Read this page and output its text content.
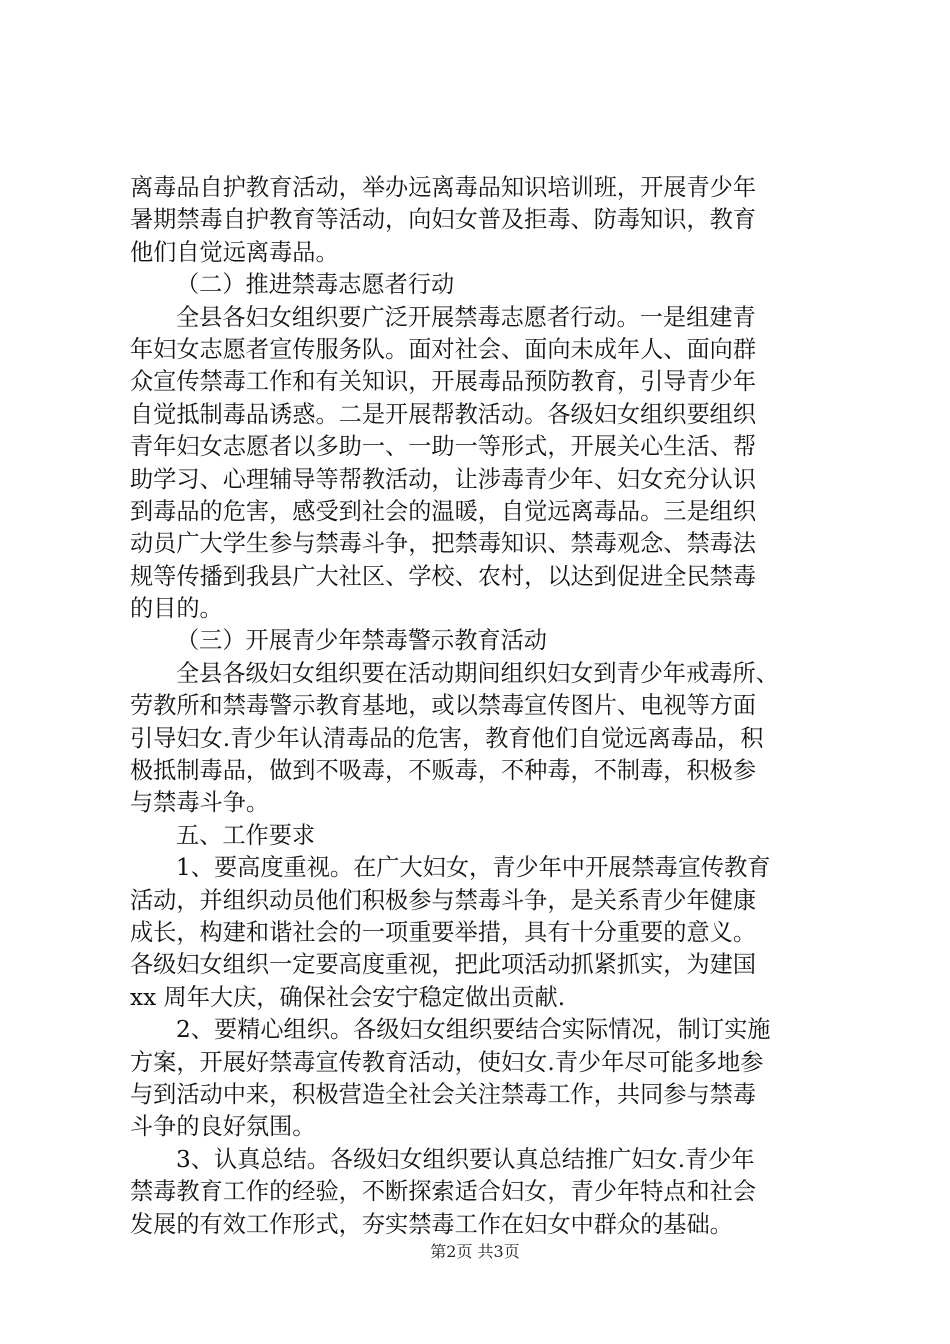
离毒品自护教育活动，举办远离毒品知识培训班，开展青少年
暑期禁毒自护教育等活动，向妇女普及拒毒、防毒知识，教育
他们自觉远离毒品。
（二）推进禁毒志愿者行动
全县各妇女组织要广泛开展禁毒志愿者行动。一是组建青
年妇女志愿者宣传服务队。面对社会、面向未成年人、面向群
众宣传禁毒工作和有关知识，开展毒品预防教育，引导青少年
自觉抵制毒品诱惑。二是开展帮教活动。各级妇女组织要组织
青年妇女志愿者以多助一、一助一等形式，开展关心生活、帮
助学习、心理辅导等帮教活动，让涉毒青少年、妇女充分认识
到毒品的危害，感受到社会的温暖，自觉远离毒品。三是组织
动员广大学生参与禁毒斗争，把禁毒知识、禁毒观念、禁毒法
规等传播到我县广大社区、学校、农村，以达到促进全民禁毒
的目的。
（三）开展青少年禁毒警示教育活动
全县各级妇女组织要在活动期间组织妇女到青少年戒毒所、
劳教所和禁毒警示教育基地，或以禁毒宣传图片、电视等方面
引导妇女.青少年认清毒品的危害，教育他们自觉远离毒品，积
极抵制毒品，做到不吸毒，不贩毒，不种毒，不制毒，积极参
与禁毒斗争。
五、工作要求
1、要高度重视。在广大妇女，青少年中开展禁毒宣传教育
活动，并组织动员他们积极参与禁毒斗争，是关系青少年健康
成长，构建和谐社会的一项重要举措，具有十分重要的意义。
各级妇女组织一定要高度重视，把此项活动抓紧抓实，为建国
xx 周年大庆，确保社会安宁稳定做出贡献.
2、要精心组织。各级妇女组织要结合实际情况，制订实施
方案，开展好禁毒宣传教育活动，使妇女.青少年尽可能多地参
与到活动中来，积极营造全社会关注禁毒工作，共同参与禁毒
斗争的良好氛围。
3、认真总结。各级妇女组织要认真总结推广妇女.青少年
禁毒教育工作的经验，不断探索适合妇女，青少年特点和社会
发展的有效工作形式，夯实禁毒工作在妇女中群众的基础。
第2页 共3页
